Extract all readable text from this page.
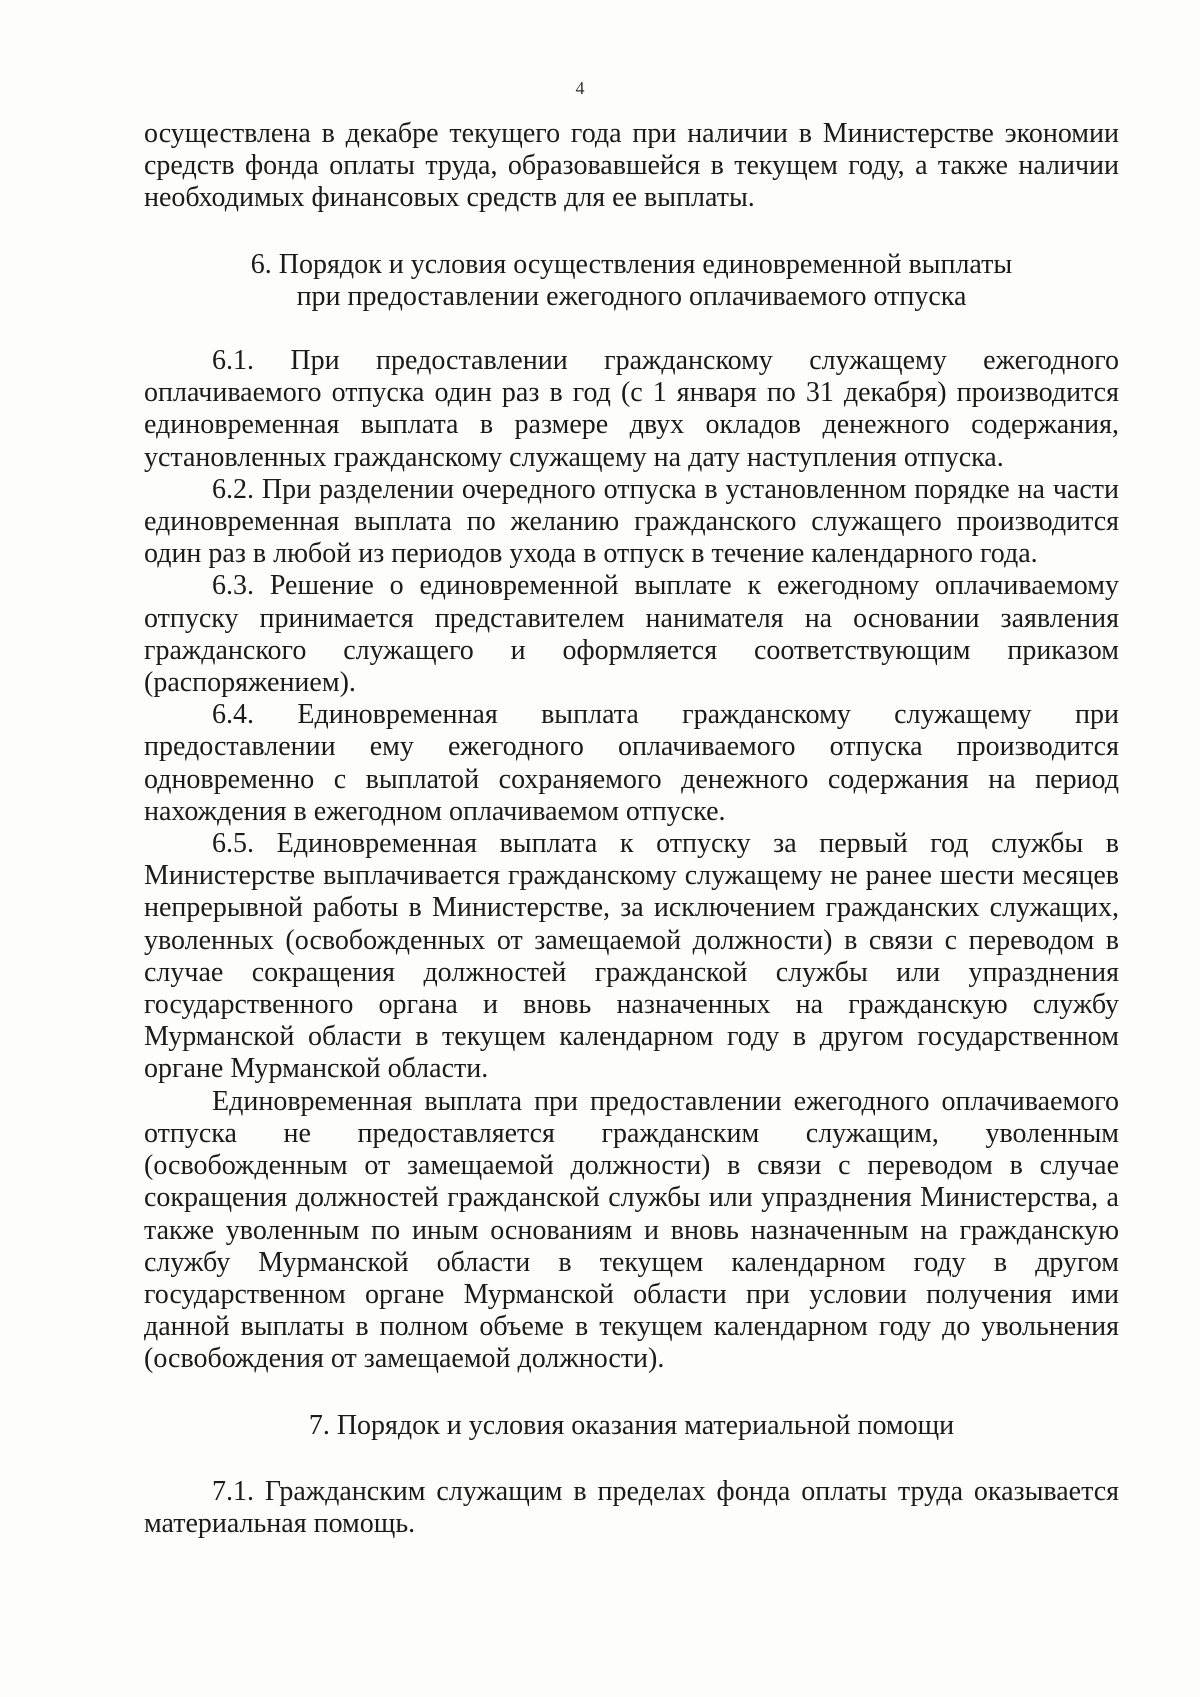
4

осуществлена в декабре текущего года при наличии в Министерстве экономии средств фонда оплаты труда, образовавшейся в текущем году, а также наличии необходимых финансовых средств для ее выплаты.

6. Порядок и условия осуществления единовременной выплаты
при предоставлении ежегодного оплачиваемого отпуска

6.1. При предоставлении гражданскому служащему ежегодного оплачиваемого отпуска один раз в год (с 1 января по 31 декабря) производится единовременная выплата в размере двух окладов денежного содержания, установленных гражданскому служащему на дату наступления отпуска.

6.2. При разделении очередного отпуска в установленном порядке на части единовременная выплата по желанию гражданского служащего производится один раз в любой из периодов ухода в отпуск в течение календарного года.

6.3. Решение о единовременной выплате к ежегодному оплачиваемому отпуску принимается представителем нанимателя на основании заявления гражданского служащего и оформляется соответствующим приказом (распоряжением).

6.4. Единовременная выплата гражданскому служащему при предоставлении ему ежегодного оплачиваемого отпуска производится одновременно с выплатой сохраняемого денежного содержания на период нахождения в ежегодном оплачиваемом отпуске.

6.5. Единовременная выплата к отпуску за первый год службы в Министерстве выплачивается гражданскому служащему не ранее шести месяцев непрерывной работы в Министерстве, за исключением гражданских служащих, уволенных (освобожденных от замещаемой должности) в связи с переводом в случае сокращения должностей гражданской службы или упразднения государственного органа и вновь назначенных на гражданскую службу Мурманской области в текущем календарном году в другом государственном органе Мурманской области.

Единовременная выплата при предоставлении ежегодного оплачиваемого отпуска не предоставляется гражданским служащим, уволенным (освобожденным от замещаемой должности) в связи с переводом в случае сокращения должностей гражданской службы или упразднения Министерства, а также уволенным по иным основаниям и вновь назначенным на гражданскую службу Мурманской области в текущем календарном году в другом государственном органе Мурманской области при условии получения ими данной выплаты в полном объеме в текущем календарном году до увольнения (освобождения от замещаемой должности).

7. Порядок и условия оказания материальной помощи

7.1. Гражданским служащим в пределах фонда оплаты труда оказывается материальная помощь.
